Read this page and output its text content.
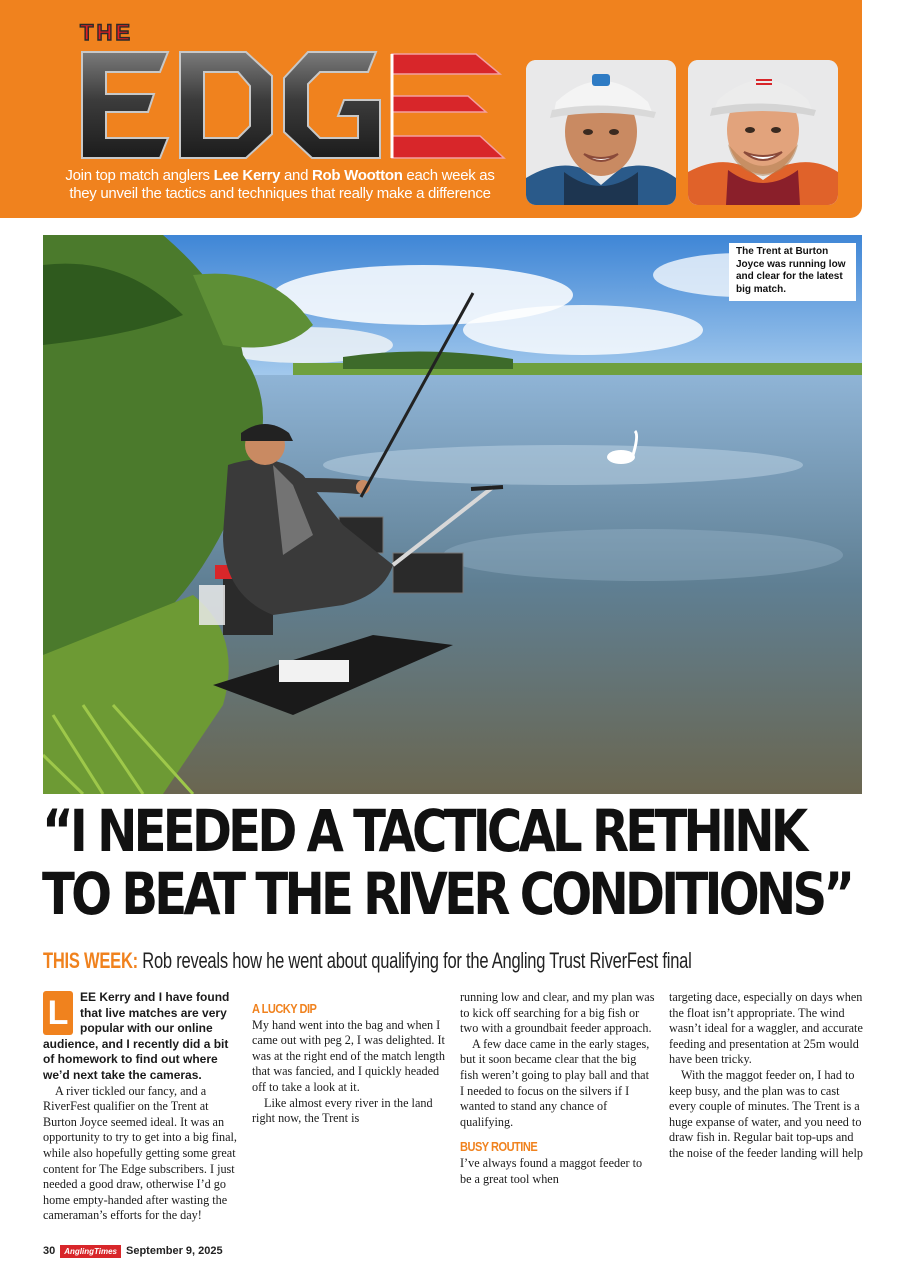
THE
Join top match anglers Lee Kerry and Rob Wootton each week as they unveil the tactics and techniques that really make a difference
The Trent at Burton Joyce was running low and clear for the latest big match.
“I NEEDED A TACTICAL RETHINK
TO BEAT THE RIVER CONDITIONS”
THIS WEEK: Rob reveals how he went about qualifying for the Angling Trust RiverFest final
L EE Kerry and I have found that live matches are very popular with our online audience, and I recently did a bit of homework to find out where we’d next take the cameras.

A river tickled our fancy, and a RiverFest qualifier on the Trent at Burton Joyce seemed ideal. It was an opportunity to try to get into a big final, while also hopefully getting some great content for The Edge subscribers. I just needed a good draw, otherwise I’d go home empty-handed after wasting the cameraman’s efforts for the day!

A LUCKY DIP

My hand went into the bag and when I came out with peg 2, I was delighted. It was at the right end of the match length that was fancied, and I quickly headed off to take a look at it.

Like almost every river in the land right now, the Trent is

running low and clear, and my plan was to kick off searching for a big fish or two with a groundbait feeder approach.

A few dace came in the early stages, but it soon became clear that the big fish weren’t going to play ball and that I needed to focus on the silvers if I wanted to stand any chance of qualifying.

BUSY ROUTINE

I’ve always found a maggot feeder to be a great tool when

targeting dace, especially on days when the float isn’t appropriate. The wind wasn’t ideal for a waggler, and accurate feeding and presentation at 25m would have been tricky.

With the maggot feeder on, I had to keep busy, and the plan was to cast every couple of minutes. The Trent is a huge expanse of water, and you need to draw fish in. Regular bait top-ups and the noise of the feeder landing will help

30	AnglingTimes September 9, 2025
